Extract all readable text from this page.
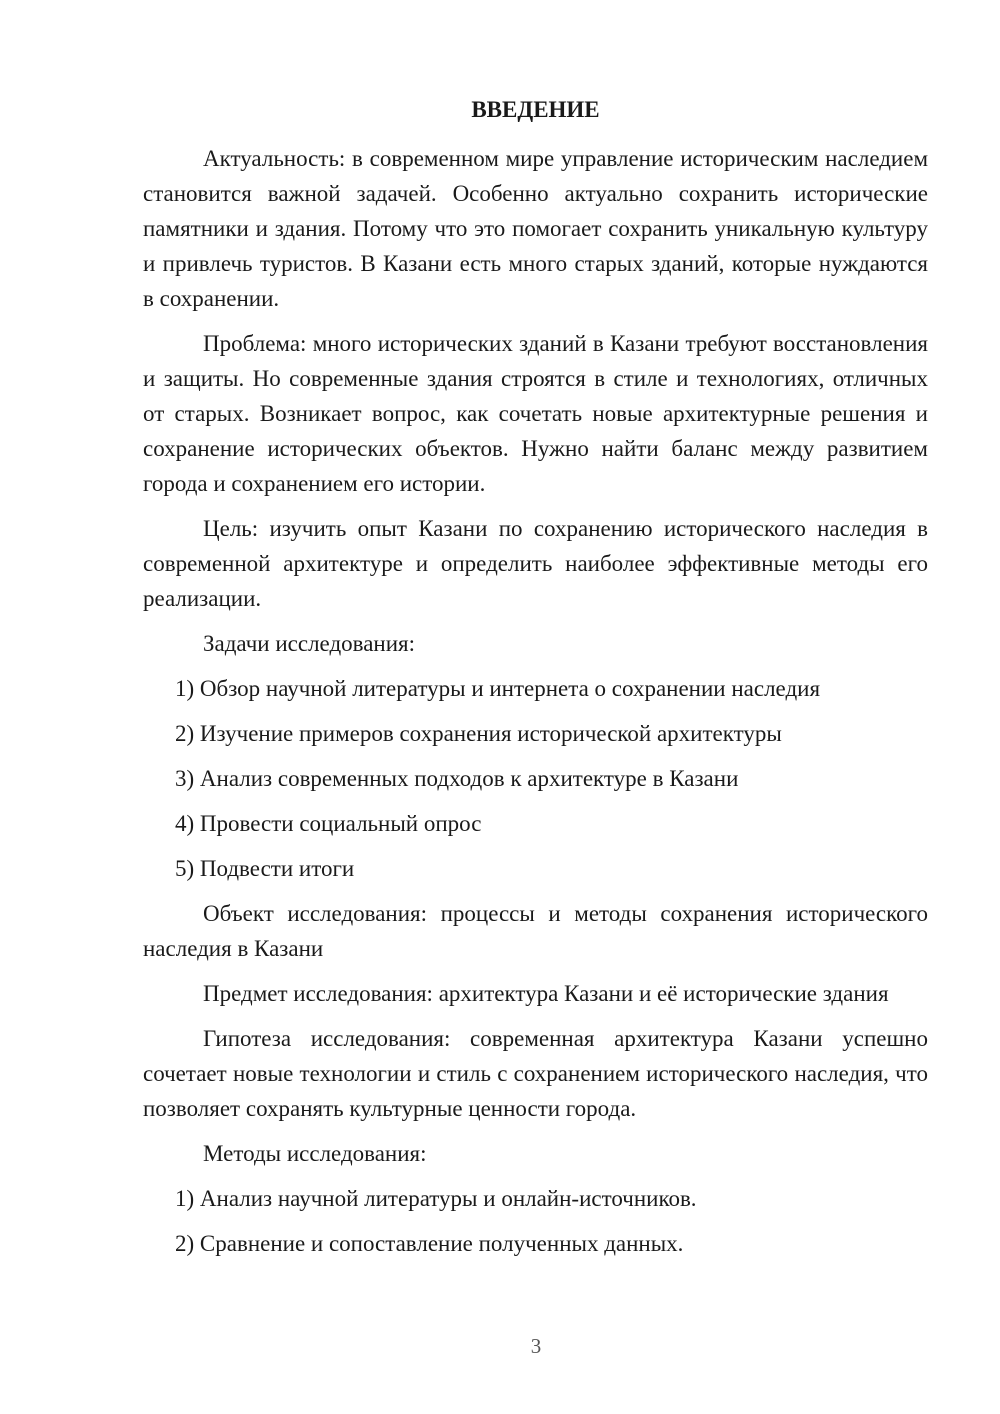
ВВЕДЕНИЕ

Актуальность: в современном мире управление историческим наследием становится важной задачей. Особенно актуально сохранить исторические памятники и здания. Потому что это помогает сохранить уникальную культуру и привлечь туристов. В Казани есть много старых зданий, которые нуждаются в сохранении.

Проблема: много исторических зданий в Казани требуют восстановления и защиты. Но современные здания строятся в стиле и технологиях, отличных от старых. Возникает вопрос, как сочетать новые архитектурные решения и сохранение исторических объектов. Нужно найти баланс между развитием города и сохранением его истории.

Цель: изучить опыт Казани по сохранению исторического наследия в современной архитектуре и определить наиболее эффективные методы его реализации.

Задачи исследования:

1) Обзор научной литературы и интернета о сохранении наследия
2) Изучение примеров сохранения исторической архитектуры
3) Анализ современных подходов к архитектуре в Казани
4) Провести социальный опрос
5) Подвести итоги

Объект исследования: процессы и методы сохранения исторического наследия в Казани

Предмет исследования: архитектура Казани и её исторические здания

Гипотеза исследования: современная архитектура Казани успешно сочетает новые технологии и стиль с сохранением исторического наследия, что позволяет сохранять культурные ценности города.

Методы исследования:

1) Анализ научной литературы и онлайн-источников.
2) Сравнение и сопоставление полученных данных.
3
